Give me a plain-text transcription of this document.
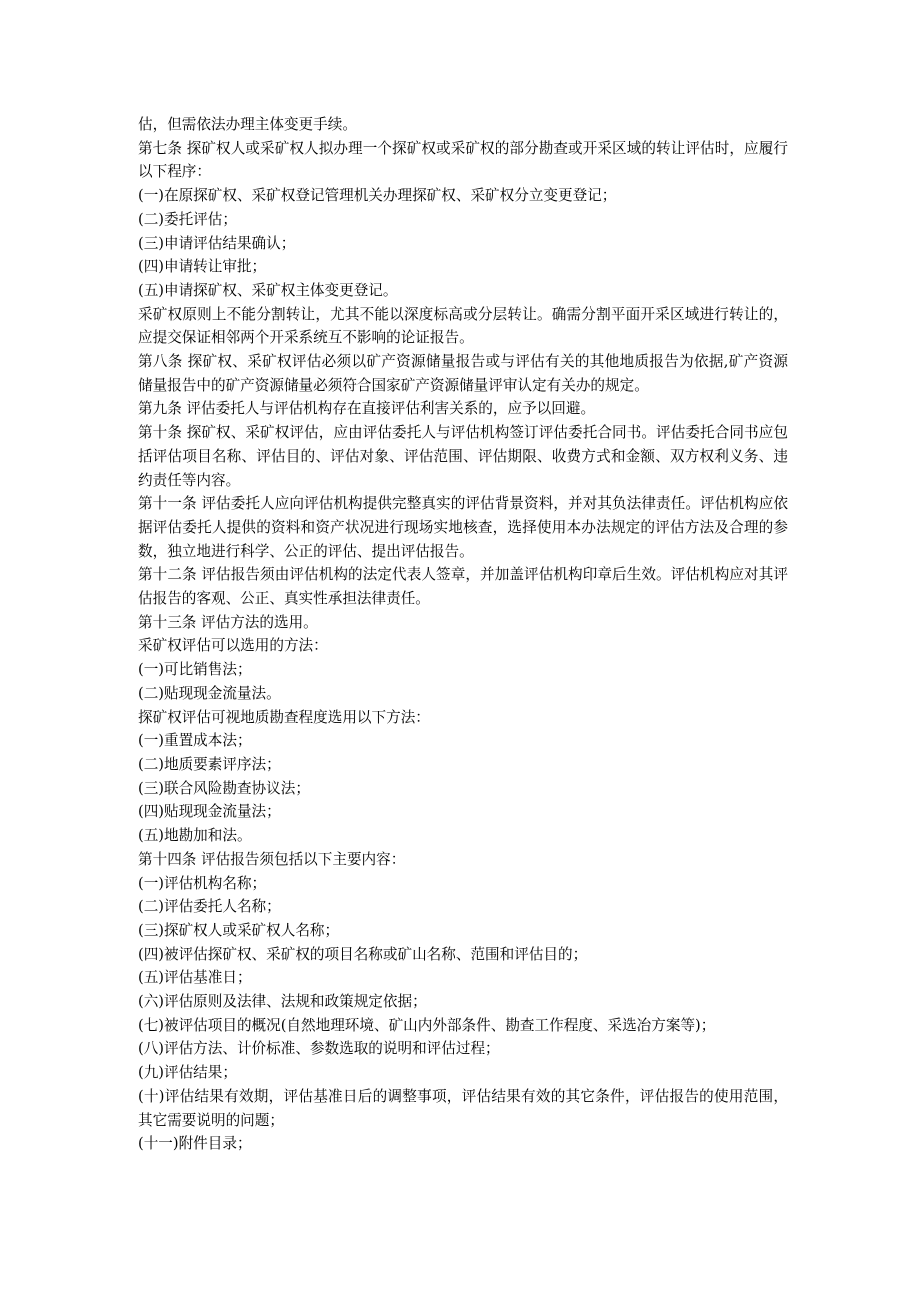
估，但需依法办理主体变更手续。

第七条 探矿权人或采矿权人拟办理一个探矿权或采矿权的部分勘查或开采区域的转让评估时，应履行以下程序：

(一)在原探矿权、采矿权登记管理机关办理探矿权、采矿权分立变更登记；

(二)委托评估；

(三)申请评估结果确认；

(四)申请转让审批；

(五)申请探矿权、采矿权主体变更登记。

采矿权原则上不能分割转让，尤其不能以深度标高或分层转让。确需分割平面开采区域进行转让的，应提交保证相邻两个开采系统互不影响的论证报告。

第八条 探矿权、采矿权评估必须以矿产资源储量报告或与评估有关的其他地质报告为依据,矿产资源储量报告中的矿产资源储量必须符合国家矿产资源储量评审认定有关办的规定。

第九条 评估委托人与评估机构存在直接评估利害关系的，应予以回避。

第十条 探矿权、采矿权评估，应由评估委托人与评估机构签订评估委托合同书。评估委托合同书应包括评估项目名称、评估目的、评估对象、评估范围、评估期限、收费方式和金额、双方权利义务、违约责任等内容。

第十一条 评估委托人应向评估机构提供完整真实的评估背景资料，并对其负法律责任。评估机构应依据评估委托人提供的资料和资产状况进行现场实地核查，选择使用本办法规定的评估方法及合理的参数，独立地进行科学、公正的评估、提出评估报告。

第十二条 评估报告须由评估机构的法定代表人签章，并加盖评估机构印章后生效。评估机构应对其评估报告的客观、公正、真实性承担法律责任。

第十三条 评估方法的选用。

采矿权评估可以选用的方法：

(一)可比销售法；

(二)贴现现金流量法。

探矿权评估可视地质勘查程度选用以下方法：

(一)重置成本法；

(二)地质要素评序法；

(三)联合风险勘查协议法；

(四)贴现现金流量法；

(五)地勘加和法。

第十四条 评估报告须包括以下主要内容：

(一)评估机构名称；

(二)评估委托人名称；

(三)探矿权人或采矿权人名称；

(四)被评估探矿权、采矿权的项目名称或矿山名称、范围和评估目的；

(五)评估基准日；

(六)评估原则及法律、法规和政策规定依据；

(七)被评估项目的概况(自然地理环境、矿山内外部条件、勘查工作程度、采选冶方案等)；

(八)评估方法、计价标准、参数选取的说明和评估过程；

(九)评估结果；

(十)评估结果有效期，评估基准日后的调整事项，评估结果有效的其它条件，评估报告的使用范围，其它需要说明的问题；

(十一)附件目录；
